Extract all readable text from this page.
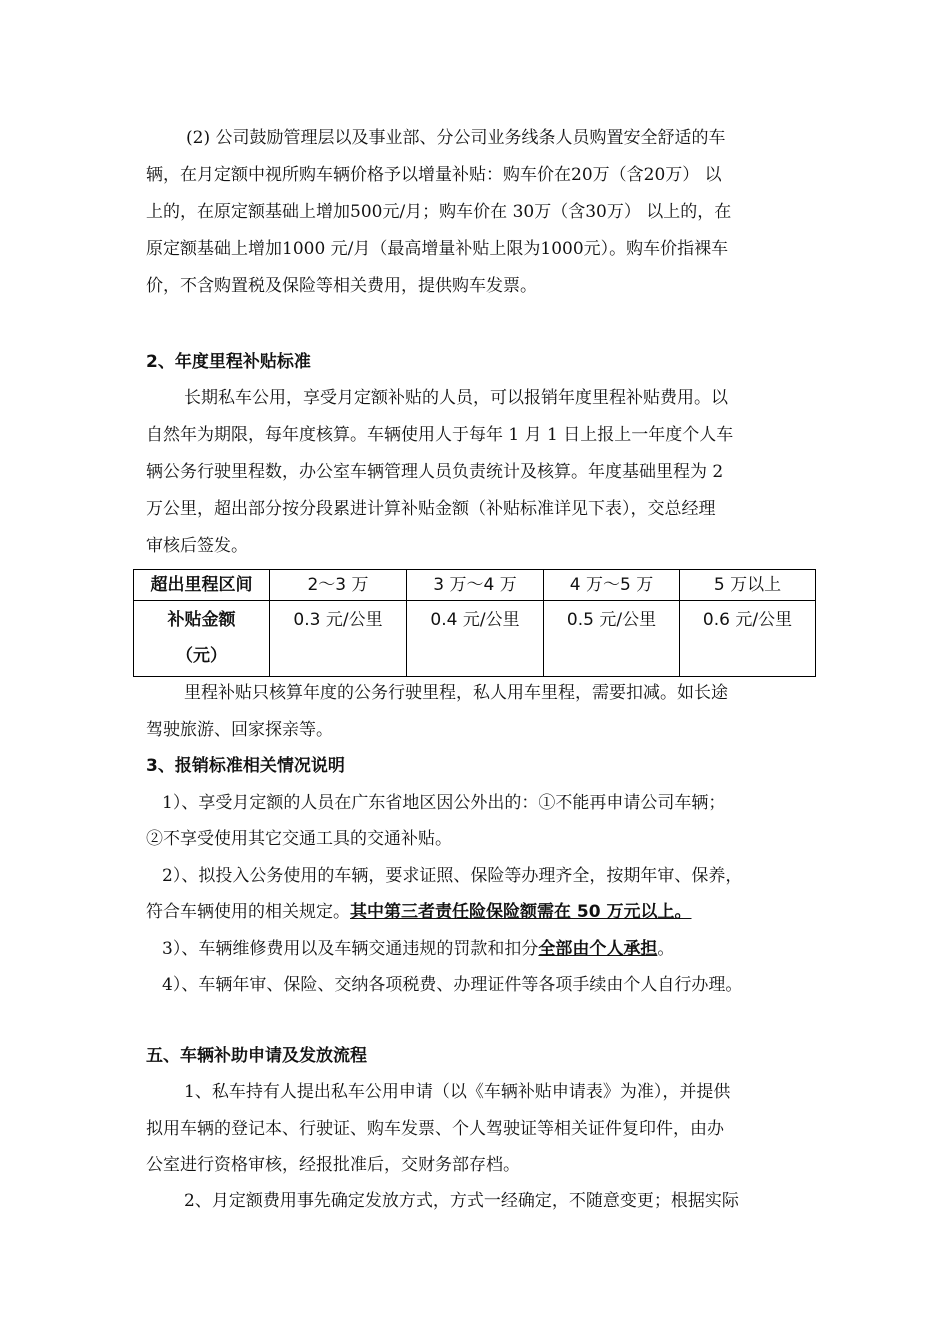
(2) 公司鼓励管理层以及事业部、分公司业务线条人员购置安全舒适的车
辆，在月定额中视所购车辆价格予以增量补贴：购车价在20万（含20万） 以
上的，在原定额基础上增加500元/月；购车价在 30万（含30万） 以上的，在
原定额基础上增加1000 元/月（最高增量补贴上限为1000元）。购车价指裸车
价，不含购置税及保险等相关费用，提供购车发票。
2、年度里程补贴标准
长期私车公用，享受月定额补贴的人员，可以报销年度里程补贴费用。以
自然年为期限，每年度核算。车辆使用人于每年 1 月 1 日上报上一年度个人车
辆公务行驶里程数，办公室车辆管理人员负责统计及核算。年度基础里程为 2
万公里，超出部分按分段累进计算补贴金额（补贴标准详见下表），交总经理
审核后签发。
超出里程区间	2～3 万	3 万～4 万	4 万～5 万	5 万以上

补贴金额
（元）	0.3 元/公里	0.4 元/公里	0.5 元/公里	0.6 元/公里
里程补贴只核算年度的公务行驶里程，私人用车里程，需要扣减。如长途
驾驶旅游、回家探亲等。
3、报销标准相关情况说明
1）、享受月定额的人员在广东省地区因公外出的：①不能再申请公司车辆；
②不享受使用其它交通工具的交通补贴。
2）、拟投入公务使用的车辆，要求证照、保险等办理齐全，按期年审、保养，
符合车辆使用的相关规定。其中第三者责任险保险额需在 50 万元以上。
3）、车辆维修费用以及车辆交通违规的罚款和扣分全部由个人承担。
4）、车辆年审、保险、交纳各项税费、办理证件等各项手续由个人自行办理。
五、车辆补助申请及发放流程
1、私车持有人提出私车公用申请（以《车辆补贴申请表》为准），并提供
拟用车辆的登记本、行驶证、购车发票、个人驾驶证等相关证件复印件，由办
公室进行资格审核，经报批准后，交财务部存档。
2、月定额费用事先确定发放方式，方式一经确定，不随意变更；根据实际
